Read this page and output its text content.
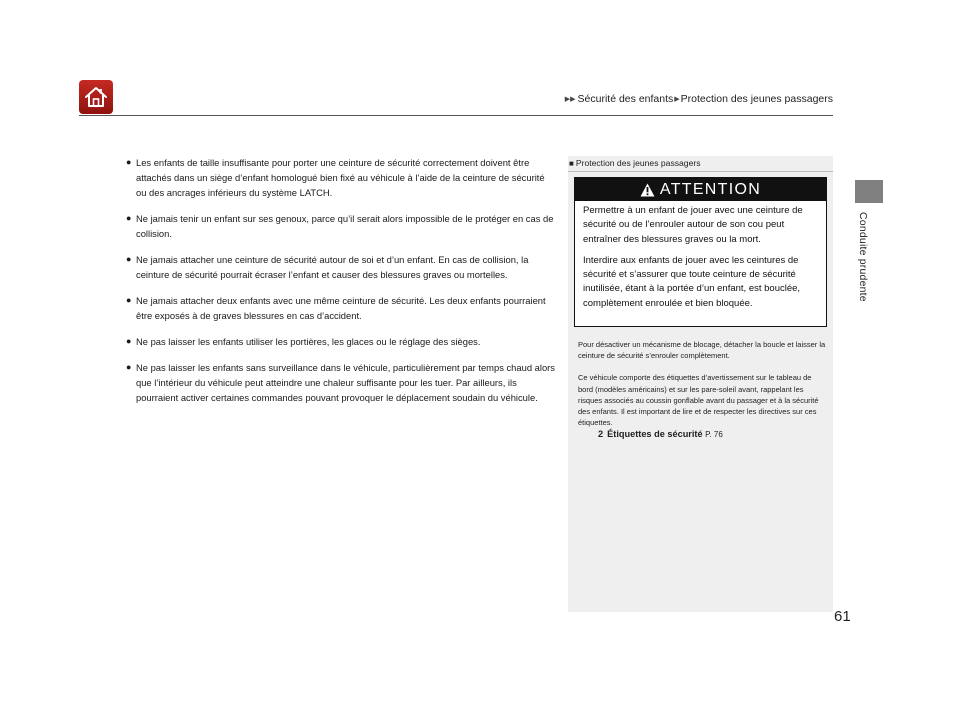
▶▶ Sécurité des enfants ▶ Protection des jeunes passagers
Conduite prudente
● Les enfants de taille insuffisante pour porter une ceinture de sécurité correctement doivent être attachés dans un siège d’enfant homologué bien fixé au véhicule à l’aide de la ceinture de sécurité ou des ancrages inférieurs du système LATCH.
● Ne jamais tenir un enfant sur ses genoux, parce qu’il serait alors impossible de le protéger en cas de collision.
● Ne jamais attacher une ceinture de sécurité autour de soi et d’un enfant. En cas de collision, la ceinture de sécurité pourrait écraser l’enfant et causer des blessures graves ou mortelles.
● Ne jamais attacher deux enfants avec une même ceinture de sécurité. Les deux enfants pourraient être exposés à de graves blessures en cas d’accident.
● Ne pas laisser les enfants utiliser les portières, les glaces ou le réglage des sièges.
● Ne pas laisser les enfants sans surveillance dans le véhicule, particulièrement par temps chaud alors que l’intérieur du véhicule peut atteindre une chaleur suffisante pour les tuer. Par ailleurs, ils pourraient activer certaines commandes pouvant provoquer le déplacement soudain du véhicule.
■ Protection des jeunes passagers
ATTENTION

Permettre à un enfant de jouer avec une ceinture de sécurité ou de l’enrouler autour de son cou peut entraîner des blessures graves ou la mort.

Interdire aux enfants de jouer avec les ceintures de sécurité et s’assurer que toute ceinture de sécurité inutilisée, étant à la portée d’un enfant, est bouclée, complètement enroulée et bien bloquée.

Pour désactiver un mécanisme de blocage, détacher la boucle et laisser la ceinture de sécurité s’enrouler complètement.

Ce véhicule comporte des étiquettes d’avertissement sur le tableau de bord (modèles américains) et sur les pare-soleil avant, rappelant les risques associés au coussin gonflable avant du passager et à la sécurité des enfants. Il est important de lire et de respecter les directives sur ces étiquettes.

2 Étiquettes de sécurité P. 76
61
